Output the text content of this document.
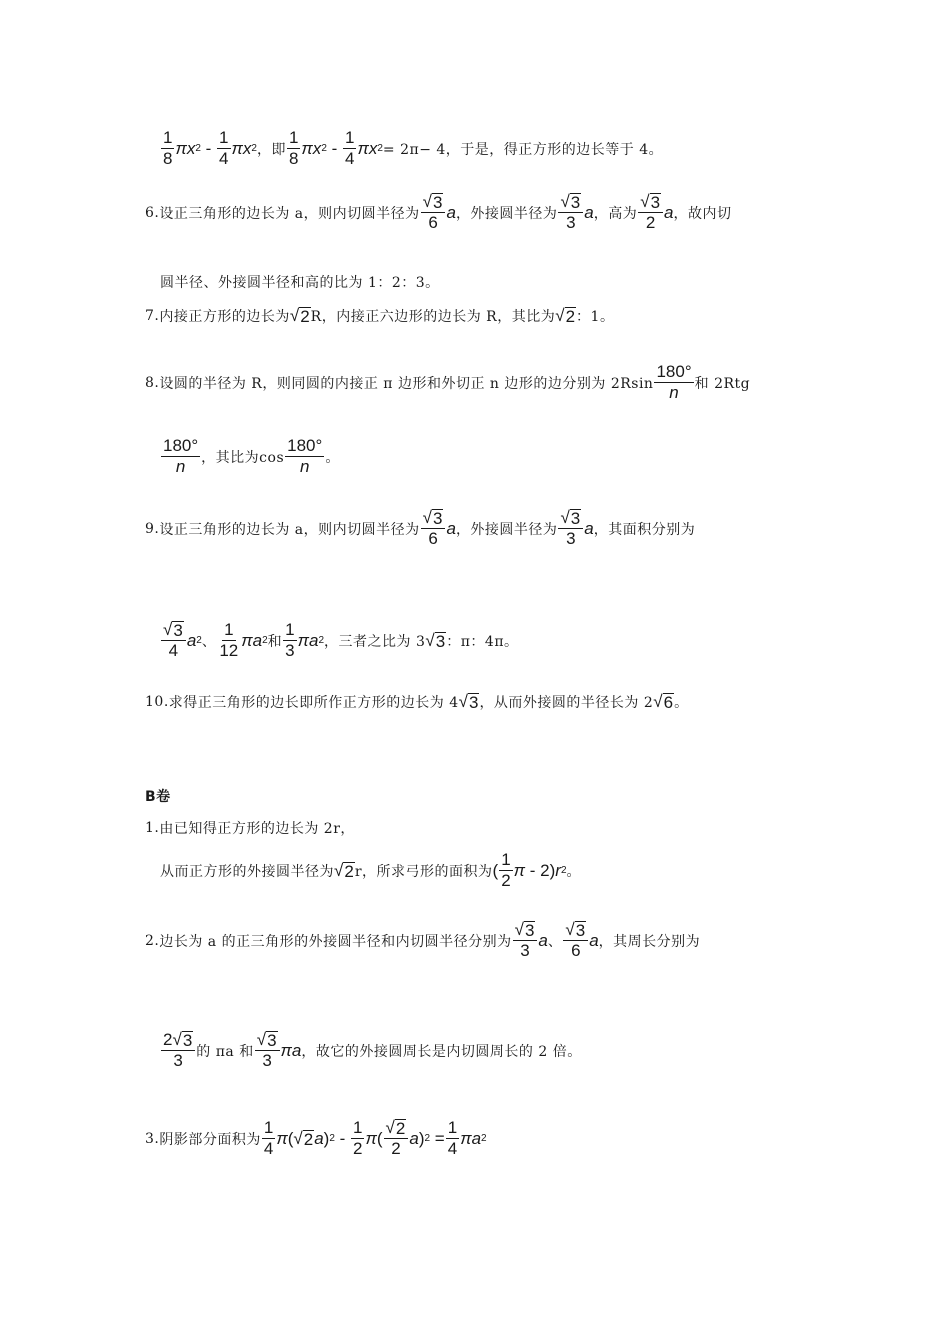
$\frac{1}{8}$ πx $2 - \frac{1}{4}$ πx 2 ，即 $\frac{1}{8}$ πx $2 - \frac{1}{4}$ πx 2 = 2π− 4，于是，得正方形的边长等于 4。
6. 设正三角形的边长为 a，则内切圆半径为 $\frac{√ 3}{6}$ a ，外接圆半径为 $\frac{√ 3}{3}$ a ，高为 $\frac{√ 3}{2}$ a ，故内切
圆半径、外接圆半径和高的比为 1：2：3。
7. 内接正方形的边长为 √ 2 R，内接正六边形的边长为 R，其比为 √ 2 ：1。
8. 设圆的半径为 R，则同圆的内接正 π 边形和外切正 n 边形的边分别为 $2Rsin \frac{180^\circ}{n}$ 和 2Rtg
$\frac{180^\circ}{n}$ ，其比为$\cos \frac{180^\circ}{n}$ 。
9. 设正三角形的边长为 a，则内切圆半径为 $\frac{√ 3}{6}$ a ，外接圆半径为 $\frac{√ 3}{3}$ a ，其面积分别为
$\frac{√ 3}{4}$ a 2 、 $\frac{1}{12}$ πa 2 和 $\frac{1}{3}$ πa 2 ，三者之比为 3 √ 3 ：π：4π。
10. 求得正三角形的边长即所作正方形的边长为 4 √ 3 ，从而外接圆的半径长为 2 √ 6 。
B卷
1. 由已知得正方形的边长为 2r，
从而正方形的外接圆半径为 √ 2 r，所求弓形的面积为 ( $\frac{1}{2}$ π - 2) r 2 。
2. 边长为 a 的正三角形的外接圆半径和内切圆半径分别为 $\frac{√ 3}{3}$ a 、 $\frac{√ 3}{6}$ a ，其周长分别为
$\frac{2√ 3}{3}$ 的 πa 和 $\frac{√ 3}{3}$ πa ，故它的外接圆周长是内切圆周长的 2 倍。
3. 阴影部分面积为 $\frac{1}{4}$ π ( √ 2 a ) $2 - \frac{1}{2}$ π ( $\frac{√ 2}{2}$ a ) $2 = \frac{1}{4}$ πa 2
